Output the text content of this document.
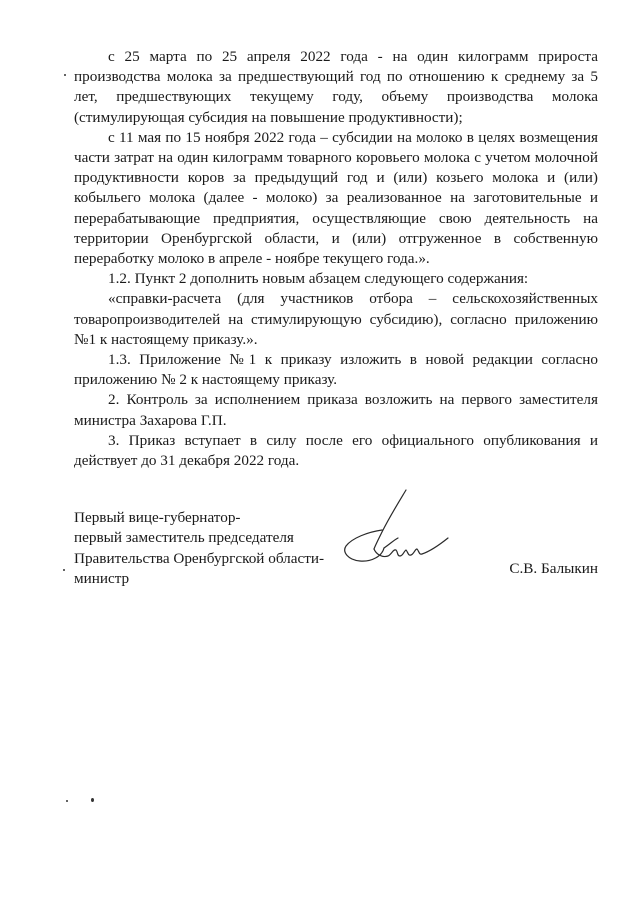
с 25 марта по 25 апреля 2022 года - на один килограмм прироста производства молока за предшествующий год по отношению к среднему за 5 лет, предшествующих текущему году, объему производства молока (стимулирующая субсидия на повышение продуктивности);

с 11 мая по 15 ноября 2022 года – субсидии на молоко в целях возмещения части затрат на один килограмм товарного коровьего молока с учетом молочной продуктивности коров за предыдущий год и (или) козьего молока и (или) кобыльего молока (далее - молоко) за реализованное на заготовительные и перерабатывающие предприятия, осуществляющие свою деятельность на территории Оренбургской области, и (или) отгруженное в собственную переработку молоко в апреле - ноябре текущего года.».

1.2. Пункт 2 дополнить новым абзацем следующего содержания:

«справки-расчета (для участников отбора – сельскохозяйственных товаропроизводителей на стимулирующую субсидию), согласно приложению №1 к настоящему приказу.».

1.3. Приложение №1 к приказу изложить в новой редакции согласно приложению № 2 к настоящему приказу.

2. Контроль за исполнением приказа возложить на первого заместителя министра Захарова Г.П.

3. Приказ вступает в силу после его официального опубликования и действует до 31 декабря 2022 года.

Первый вице-губернатор-
первый заместитель председателя
Правительства Оренбургской области-
министр
С.В. Балыкин
